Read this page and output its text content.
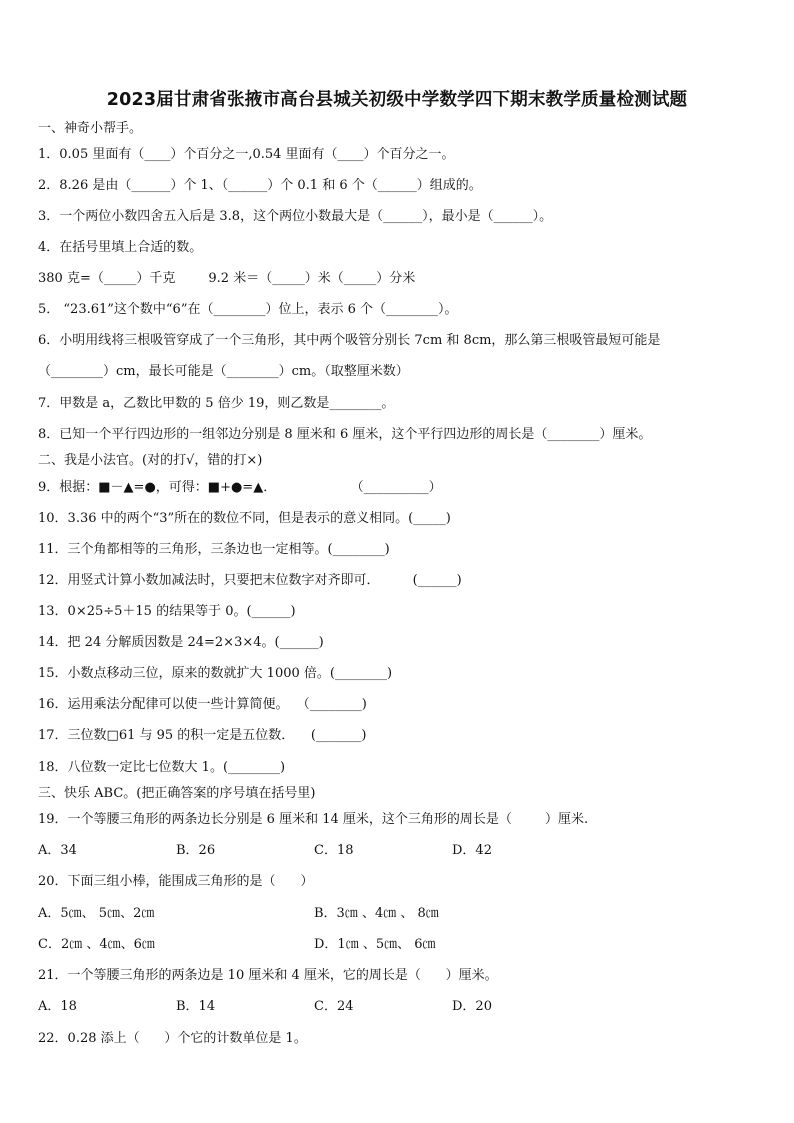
2023届甘肃省张掖市高台县城关初级中学数学四下期末教学质量检测试题
一、神奇小帮手。
1．0.05 里面有（____）个百分之一,0.54 里面有（____）个百分之一。
2．8.26 是由（______）个 1、（______）个 0.1 和 6 个（______）组成的。
3．一个两位小数四舍五入后是 3.8，这个两位小数最大是（______），最小是（______）。
4．在括号里填上合适的数。
380 克=（_____）千克        9.2 米＝（_____）米（_____）分米
5． “23.61”这个数中“6”在（________）位上，表示 6 个（________）。
6．小明用线将三根吸管穿成了一个三角形，其中两个吸管分别长 7cm 和 8cm，那么第三根吸管最短可能是
（________）cm，最长可能是（________）cm。（取整厘米数）
7．甲数是 a，乙数比甲数的 5 倍少 19，则乙数是________。
8．已知一个平行四边形的一组邻边分别是 8 厘米和 6 厘米，这个平行四边形的周长是（________）厘米。
二、我是小法官。(对的打√，错的打×)
9．根据：■－▲=●，可得：■+●=▲．                  （__________）
10．3.36 中的两个“3”所在的数位不同，但是表示的意义相同。(_____)
11．三个角都相等的三角形，三条边也一定相等。(________)
12．用竖式计算小数加减法时，只要把末位数字对齐即可．        (______)
13．0×25÷5＋15 的结果等于 0。(______)
14．把 24 分解质因数是 24=2×3×4。(______)
15．小数点移动三位，原来的数就扩大 1000 倍。(________)
16．运用乘法分配律可以使一些计算简便。  （________)
17．三位数□61 与 95 的积一定是五位数．    (_______)
18．八位数一定比七位数大 1。(________)
三、快乐 ABC。(把正确答案的序号填在括号里)
19．一个等腰三角形的两条边长分别是 6 厘米和 14 厘米，这个三角形的周长是（        ）厘米.
A．34	B．26	C．18	D．42
20．下面三组小棒，能围成三角形的是（      ）
A．5㎝、 5㎝、2㎝	B．3㎝ 、4㎝ 、 8㎝
C．2㎝ 、4㎝、6㎝	D．1㎝ 、5㎝、 6㎝
21．一个等腰三角形的两条边是 10 厘米和 4 厘米，它的周长是（      ）厘米。
A．18	B．14	C．24	D．20
22．0.28 添上（      ）个它的计数单位是 1。
